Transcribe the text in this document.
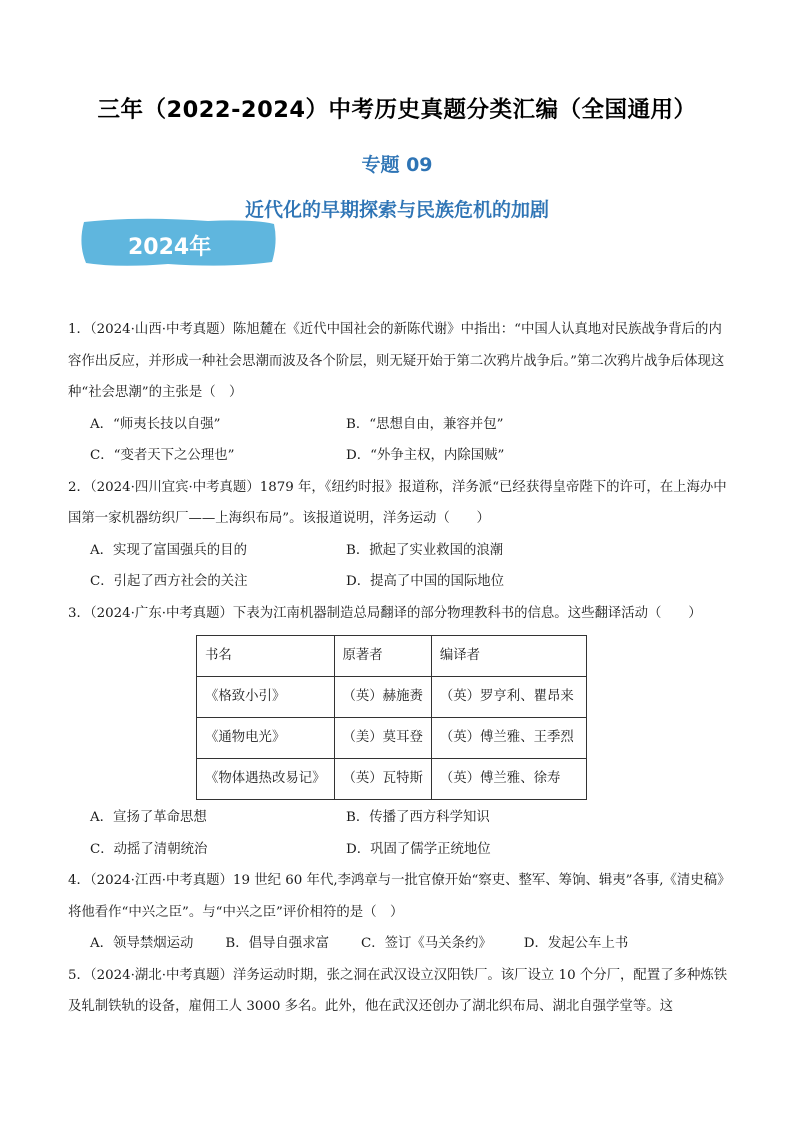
三年（2022-2024）中考历史真题分类汇编（全国通用）
专题 09
近代化的早期探索与民族危机的加剧
2024年

1．（2024·山西·中考真题）陈旭麓在《近代中国社会的新陈代谢》中指出：“中国人认真地对民族战争背后的内容作出反应，并形成一种社会思潮而波及各个阶层，则无疑开始于第二次鸦片战争后。”第二次鸦片战争后体现这种“社会思潮”的主张是（　）

A．“师夷长技以自强”	B．“思想自由，兼容并包”
C．“变者天下之公理也”	D．“外争主权，内除国贼”

2．（2024·四川宜宾·中考真题）1879 年，《纽约时报》报道称，洋务派“已经获得皇帝陛下的许可，在上海办中国第一家机器纺织厂——上海织布局”。该报道说明，洋务运动（　　）

A．实现了富国强兵的目的	B．掀起了实业救国的浪潮
C．引起了西方社会的关注	D．提高了中国的国际地位

3．（2024·广东·中考真题）下表为江南机器制造总局翻译的部分物理教科书的信息。这些翻译活动（　　）

书名	原著者	编译者
《格致小引》	（英）赫施赉	（英）罗亨利、瞿昂来
《通物电光》	（美）莫耳登	（英）傅兰雅、王季烈
《物体遇热改易记》	（英）瓦特斯	（英）傅兰雅、徐寿
A．宣扬了革命思想	B．传播了西方科学知识
C．动摇了清朝统治	D．巩固了儒学正统地位

4．（2024·江西·中考真题）19 世纪 60 年代,李鸿章与一批官僚开始“察吏、整军、筹饷、辑夷”各事,《清史稿》将他看作“中兴之臣”。与“中兴之臣”评价相符的是（　）

A．领导禁烟运动 B．倡导自强求富 C．签订《马关条约》 D．发起公车上书

5．（2024·湖北·中考真题）洋务运动时期，张之洞在武汉设立汉阳铁厂。该厂设立 10 个分厂，配置了多种炼铁及轧制铁轨的设备，雇佣工人 3000 多名。此外，他在武汉还创办了湖北织布局、湖北自强学堂等。这
